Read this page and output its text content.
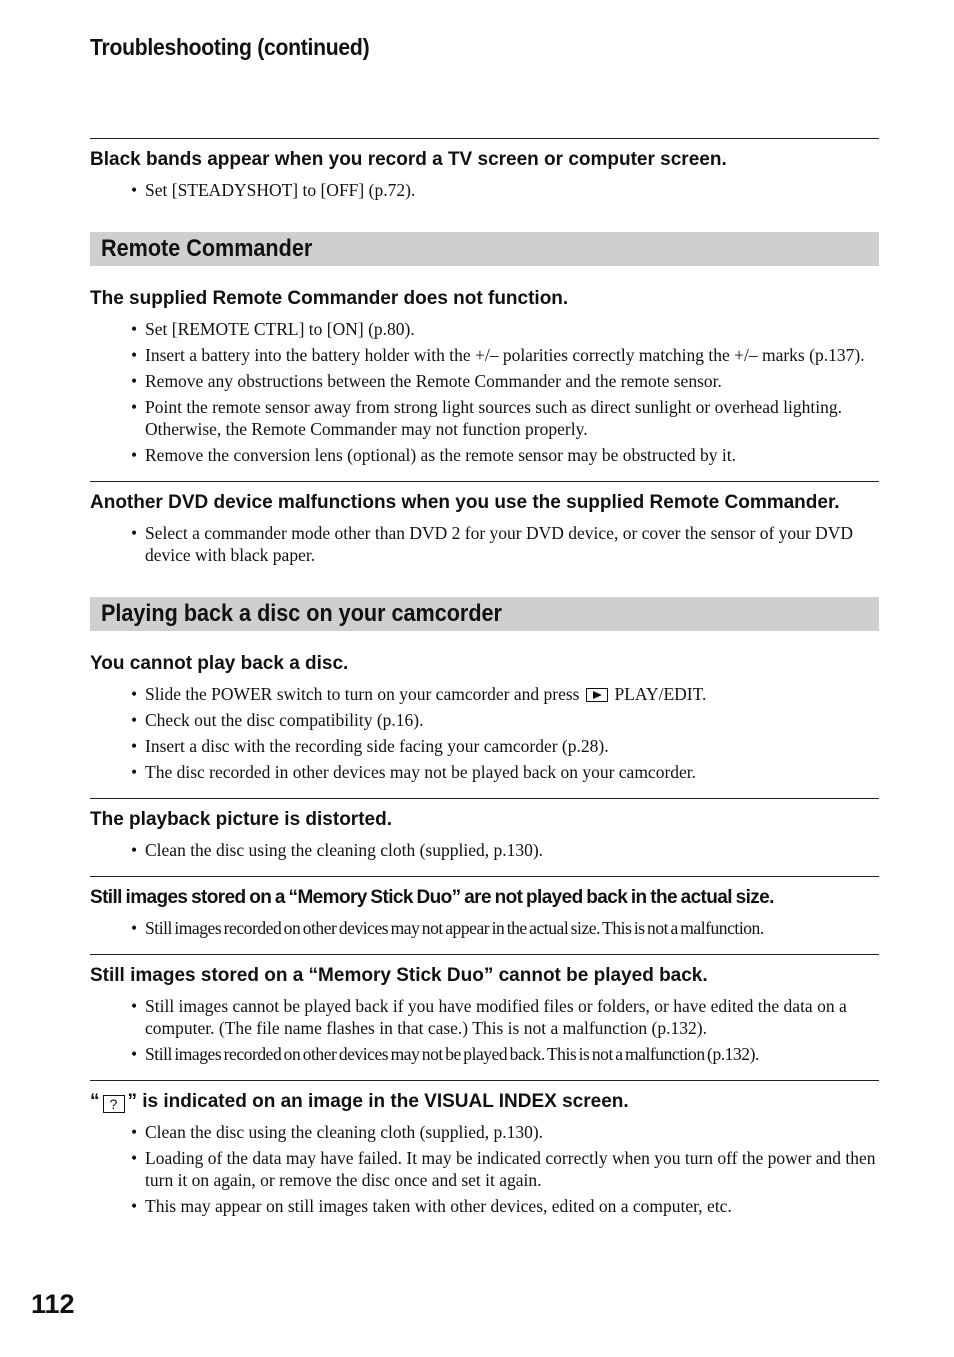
Troubleshooting (continued)

Black bands appear when you record a TV screen or computer screen.

• Set [STEADYSHOT] to [OFF] (p.72).
Remote Commander

The supplied Remote Commander does not function.

• Set [REMOTE CTRL] to [ON] (p.80).
• Insert a battery into the battery holder with the +/– polarities correctly matching the +/– marks (p.137).
• Remove any obstructions between the Remote Commander and the remote sensor.
• Point the remote sensor away from strong light sources such as direct sunlight or overhead lighting. Otherwise, the Remote Commander may not function properly.
• Remove the conversion lens (optional) as the remote sensor may be obstructed by it.

Another DVD device malfunctions when you use the supplied Remote Commander.

• Select a commander mode other than DVD 2 for your DVD device, or cover the sensor of your DVD device with black paper.
Playing back a disc on your camcorder

You cannot play back a disc.

• Slide the POWER switch to turn on your camcorder and press PLAY/EDIT.
• Check out the disc compatibility (p.16).
• Insert a disc with the recording side facing your camcorder (p.28).
• The disc recorded in other devices may not be played back on your camcorder.

The playback picture is distorted.

• Clean the disc using the cleaning cloth (supplied, p.130).

Still images stored on a “Memory Stick Duo” are not played back in the actual size.

• Still images recorded on other devices may not appear in the actual size. This is not a malfunction.

Still images stored on a “Memory Stick Duo” cannot be played back.

• Still images cannot be played back if you have modified files or folders, or have edited the data on a computer. (The file name flashes in that case.) This is not a malfunction (p.132).
• Still images recorded on other devices may not be played back. This is not a malfunction (p.132).

“ ? ” is indicated on an image in the VISUAL INDEX screen.

• Clean the disc using the cleaning cloth (supplied, p.130).
• Loading of the data may have failed. It may be indicated correctly when you turn off the power and then turn it on again, or remove the disc once and set it again.
• This may appear on still images taken with other devices, edited on a computer, etc.
112
